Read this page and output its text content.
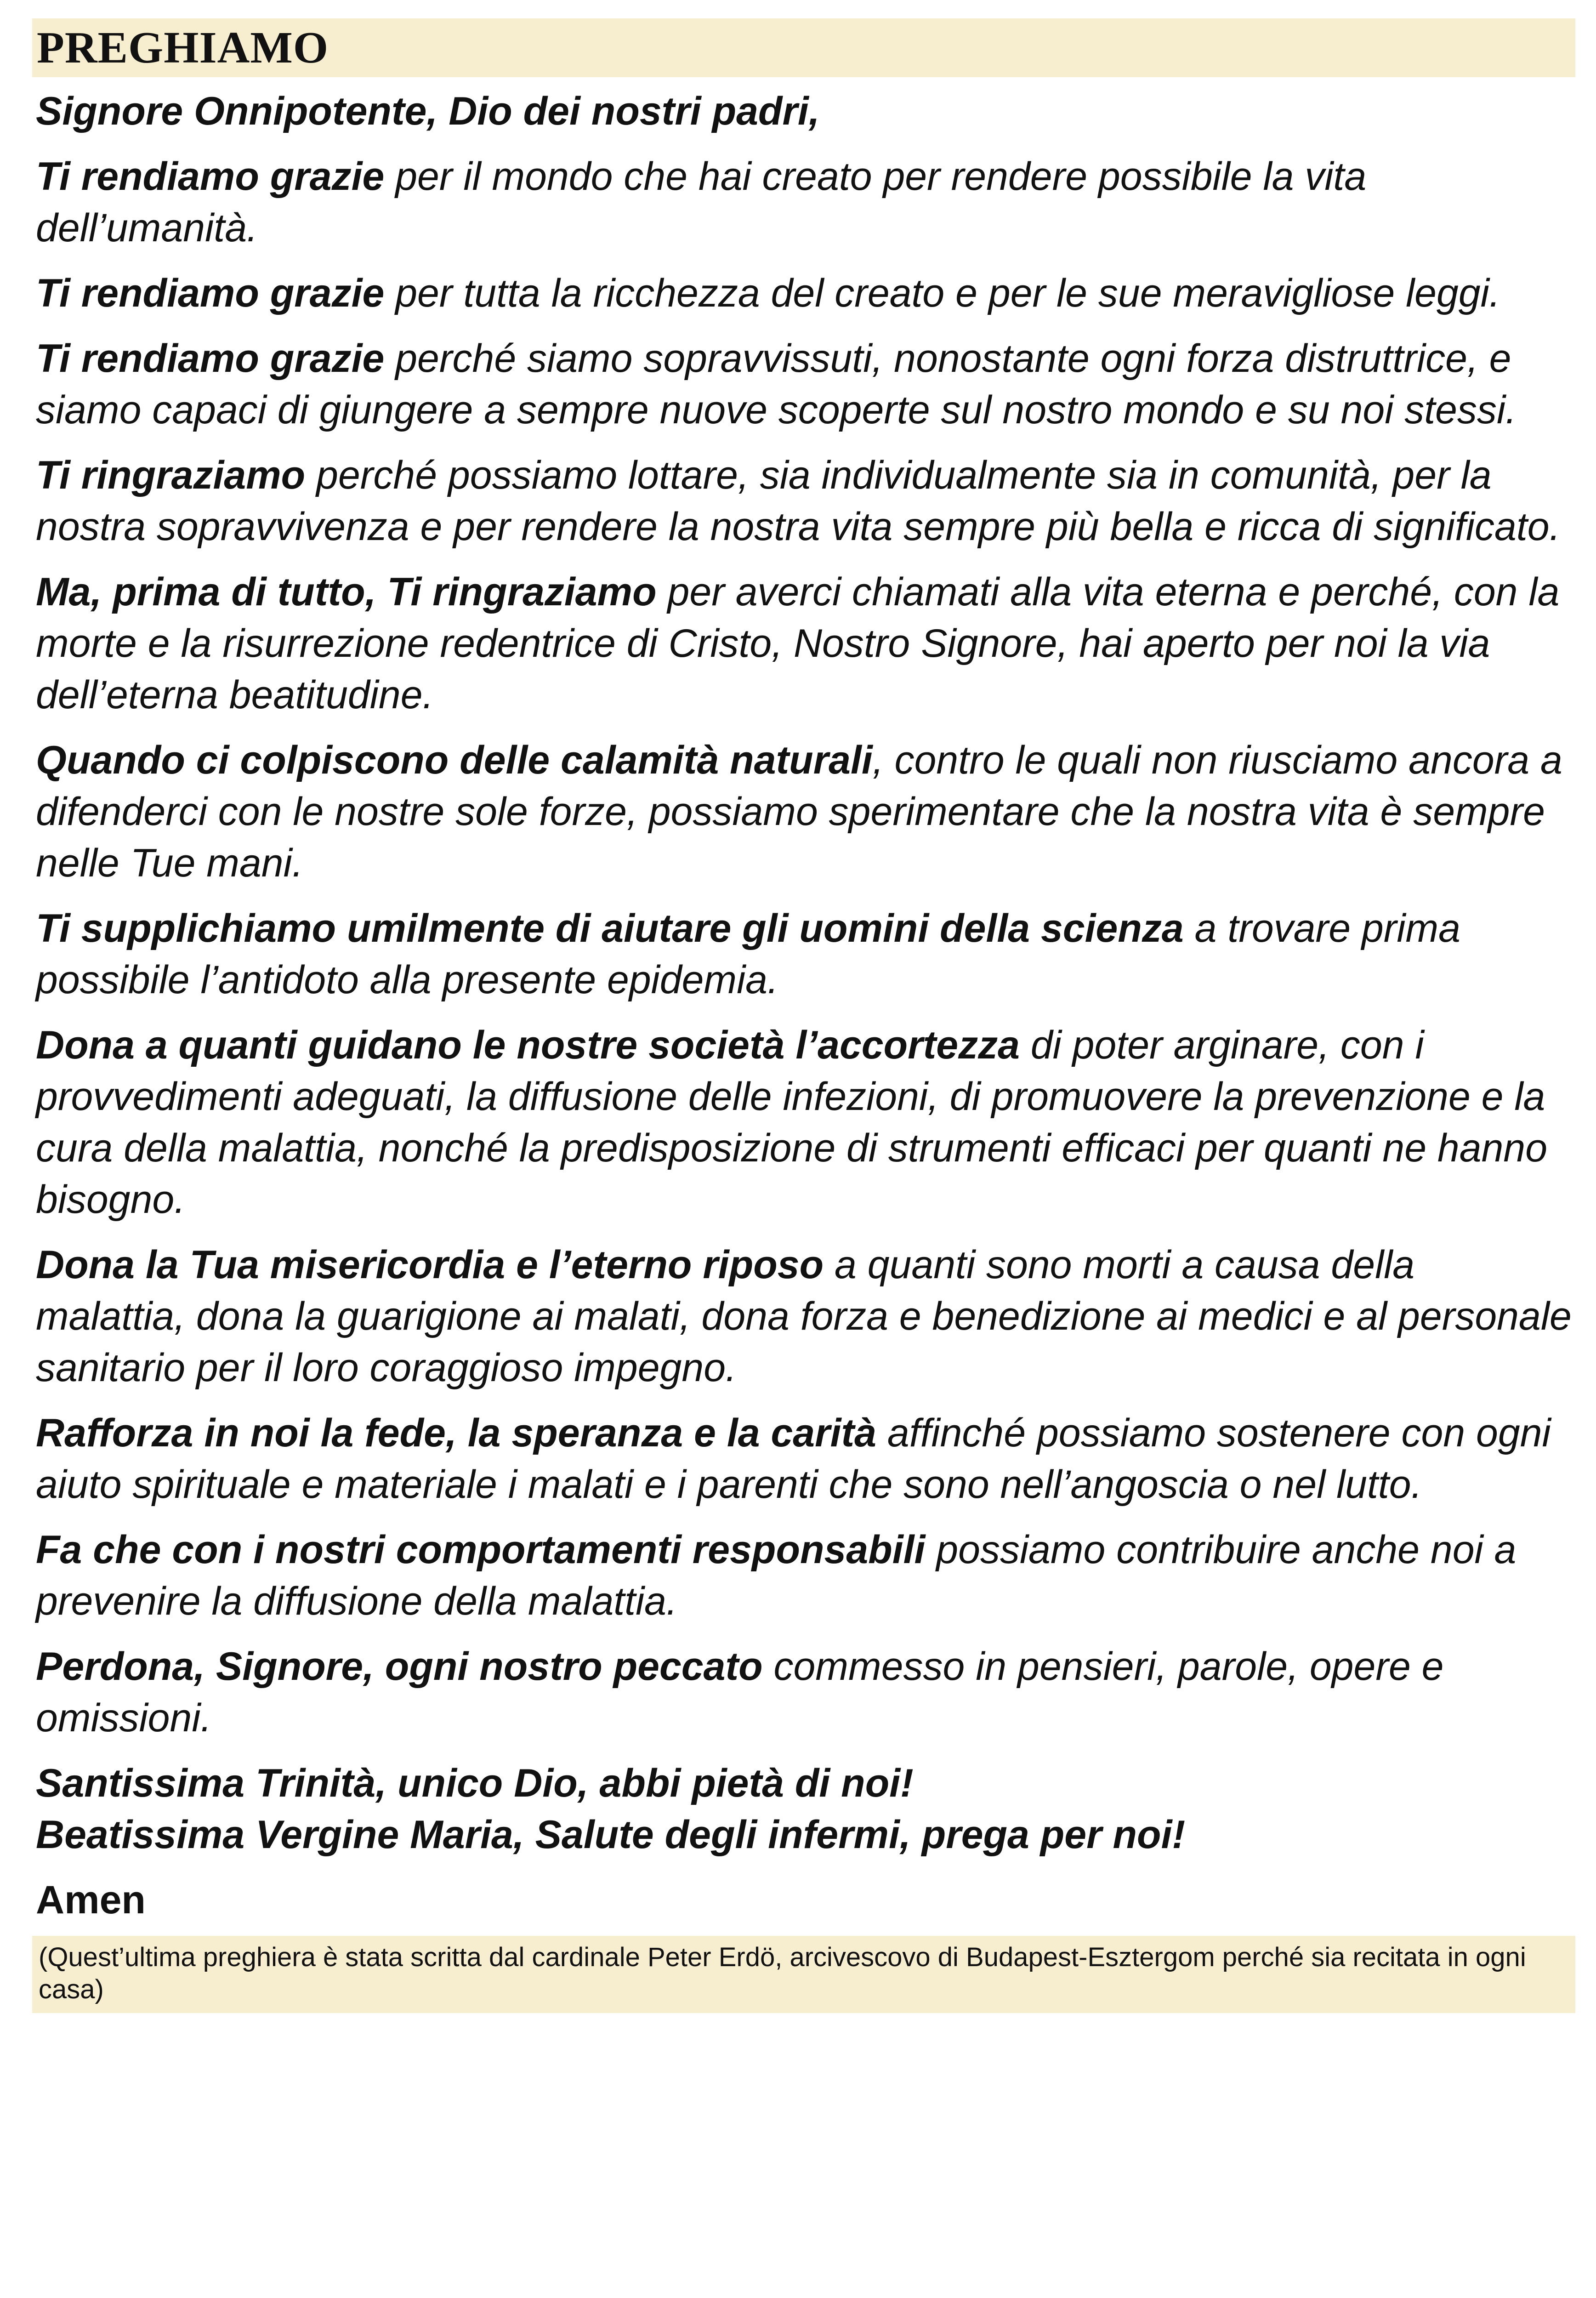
PREGHIAMO

Signore Onnipotente, Dio dei nostri padri,

Ti rendiamo grazie per il mondo che hai creato per rendere possibile la vita dell’umanità.

Ti rendiamo grazie per tutta la ricchezza del creato e per le sue meravigliose leggi.

Ti rendiamo grazie perché siamo sopravvissuti, nonostante ogni forza distruttrice, e siamo capaci di giungere a sempre nuove scoperte sul nostro mondo e su noi stessi.

Ti ringraziamo perché possiamo lottare, sia individualmente sia in comunità, per la nostra sopravvivenza e per rendere la nostra vita sempre più bella e ricca di significato.

Ma, prima di tutto, Ti ringraziamo per averci chiamati alla vita eterna e perché, con la morte e la risurrezione redentrice di Cristo, Nostro Signore, hai aperto per noi la via dell’eterna beatitudine.

Quando ci colpiscono delle calamità naturali, contro le quali non riusciamo ancora a difenderci con le nostre sole forze, possiamo sperimentare che la nostra vita è sempre nelle Tue mani.

Ti supplichiamo umilmente di aiutare gli uomini della scienza a trovare prima possibile l’antidoto alla presente epidemia.

Dona a quanti guidano le nostre società l’accortezza di poter arginare, con i provvedimenti adeguati, la diffusione delle infezioni, di promuovere la prevenzione e la cura della malattia, nonché la predisposizione di strumenti efficaci per quanti ne hanno bisogno.

Dona la Tua misericordia e l’eterno riposo a quanti sono morti a causa della malattia, dona la guarigione ai malati, dona forza e benedizione ai medici e al personale sanitario per il loro coraggioso impegno.

Rafforza in noi la fede, la speranza e la carità affinché possiamo sostenere con ogni aiuto spirituale e materiale i malati e i parenti che sono nell’angoscia o nel lutto.

Fa che con i nostri comportamenti responsabili possiamo contribuire anche noi a prevenire la diffusione della malattia.

Perdona, Signore, ogni nostro peccato commesso in pensieri, parole, opere e omissioni.

Santissima Trinità, unico Dio, abbi pietà di noi!
Beatissima Vergine Maria, Salute degli infermi, prega per noi!

Amen
(Quest’ultima preghiera è stata scritta dal cardinale Peter Erdö, arcivescovo di Budapest-Esztergom perché sia recitata in ogni casa)
